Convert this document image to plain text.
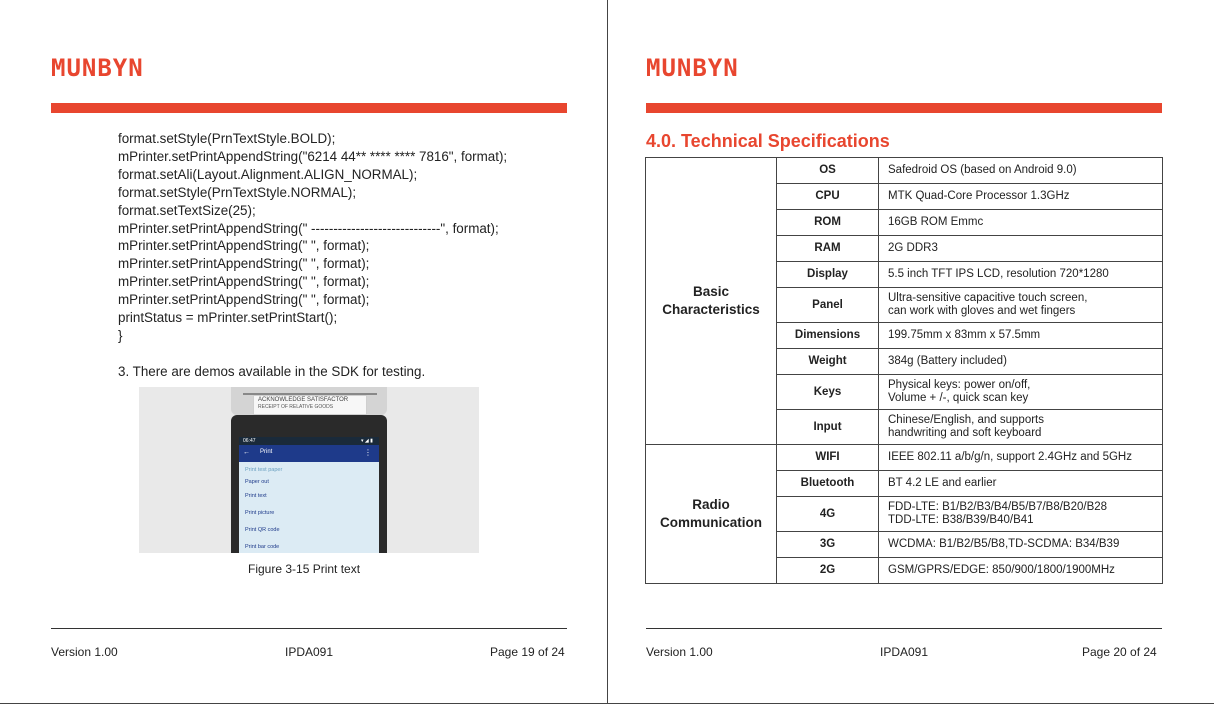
MUNBYN
format.setStyle(PrnTextStyle.BOLD);
mPrinter.setPrintAppendString("6214 44** **** **** 7816", format);
format.setAli(Layout.Alignment.ALIGN_NORMAL);
format.setStyle(PrnTextStyle.NORMAL);
format.setTextSize(25);
mPrinter.setPrintAppendString(" -----------------------------", format);
mPrinter.setPrintAppendString(" ", format);
mPrinter.setPrintAppendString(" ", format);
mPrinter.setPrintAppendString(" ", format);
mPrinter.setPrintAppendString(" ", format);
printStatus = mPrinter.setPrintStart();
}
3. There are demos available in the SDK for testing.
ACKNOWLEDGE SATISFACTOR
RECEIPT OF RELATIVE GOODS
06:47	▾ ◢ ▮
← Print	⋮
Print test paper
Paper out
Print text
Print picture
Print QR code
Print bar code
Figure 3-15 Print text
Version 1.00	IPDA091	Page 19 of 24
MUNBYN
4.0. Technical Specifications
Basic
Characteristics	OS	Safedroid OS (based on Android 9.0)

	CPU	MTK Quad-Core Processor 1.3GHz

	ROM	16GB ROM Emmc

	RAM	2G DDR3

	Display	5.5 inch TFT IPS LCD, resolution 720*1280

	Panel	Ultra-sensitive capacitive touch screen,
can work with gloves and wet fingers

	Dimensions	199.75mm x 83mm x 57.5mm

	Weight	384g (Battery included)

	Keys	Physical keys: power on/off,
Volume + /-, quick scan key

	Input	Chinese/English, and supports
handwriting and soft keyboard

Radio
Communication	WIFI	IEEE 802.11 a/b/g/n, support 2.4GHz and 5GHz

	Bluetooth	BT 4.2 LE and earlier

	4G	FDD-LTE: B1/B2/B3/B4/B5/B7/B8/B20/B28
TDD-LTE: B38/B39/B40/B41

	3G	WCDMA: B1/B2/B5/B8,TD-SCDMA: B34/B39

	2G	GSM/GPRS/EDGE: 850/900/1800/1900MHz
Version 1.00	IPDA091	Page 20 of 24
